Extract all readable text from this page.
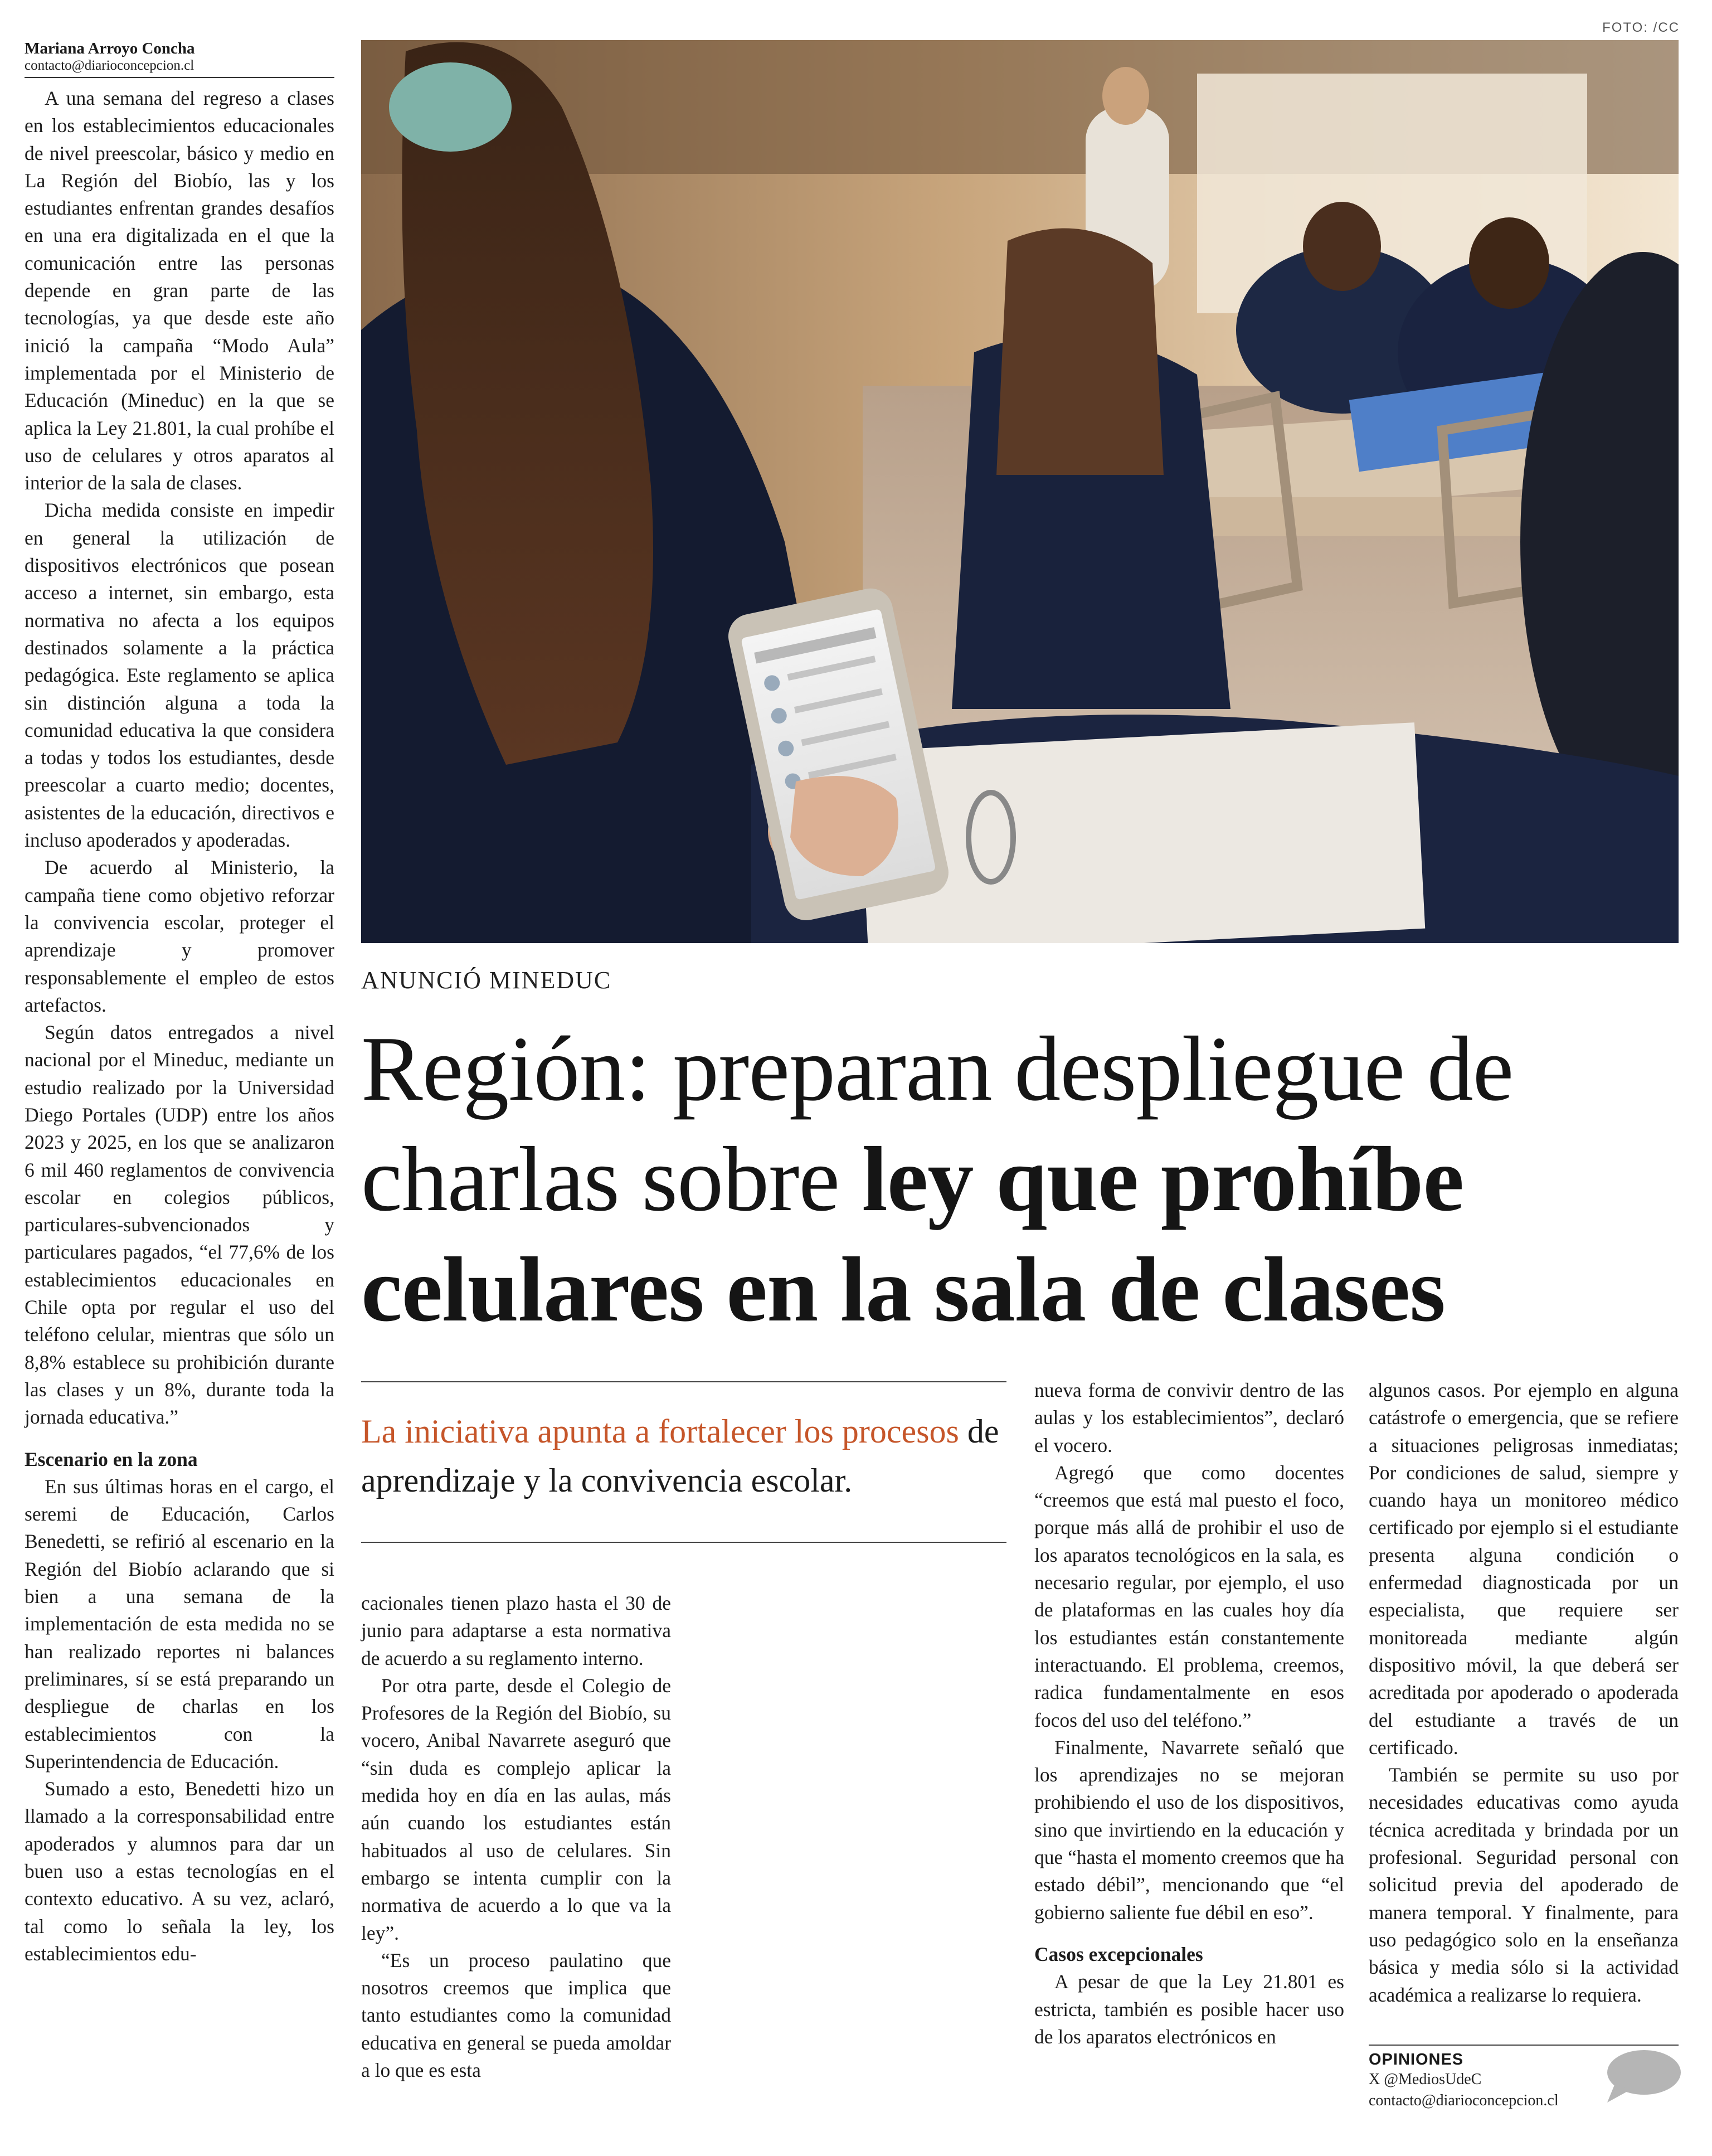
Mariana Arroyo Concha
contacto@diarioconcepcion.cl
FOTO: /CC
ANUNCIÓ MINEDUC
Región: preparan despliegue de charlas sobre ley que prohíbe celulares en la sala de clases
La iniciativa apunta a fortalecer los procesos de aprendizaje y la convivencia escolar.

A una semana del regreso a clases en los establecimientos educacionales de nivel preescolar, básico y medio en La Región del Biobío, las y los estudiantes enfrentan grandes desafíos en una era digitalizada en el que la comunicación entre las personas depende en gran parte de las tecnologías, ya que desde este año inició la campaña “Modo Aula” implementada por el Ministerio de Educación (Mineduc) en la que se aplica la Ley 21.801, la cual prohíbe el uso de celulares y otros aparatos al interior de la sala de clases.

Dicha medida consiste en impedir en general la utilización de dispositivos electrónicos que posean acceso a internet, sin embargo, esta normativa no afecta a los equipos destinados solamente a la práctica pedagógica. Este reglamento se aplica sin distinción alguna a toda la comunidad educativa la que considera a todas y todos los estudiantes, desde preescolar a cuarto medio; docentes, asistentes de la educación, directivos e incluso apoderados y apoderadas.

De acuerdo al Ministerio, la campaña tiene como objetivo reforzar la convivencia escolar, proteger el aprendizaje y promover responsablemente el empleo de estos artefactos.

Según datos entregados a nivel nacional por el Mineduc, mediante un estudio realizado por la Universidad Diego Portales (UDP) entre los años 2023 y 2025, en los que se analizaron 6 mil 460 reglamentos de convivencia escolar en colegios públicos, particulares-subvencionados y particulares pagados, “el 77,6% de los establecimientos educacionales en Chile opta por regular el uso del teléfono celular, mientras que sólo un 8,8% establece su prohibición durante las clases y un 8%, durante toda la jornada educativa.”

Escenario en la zona

En sus últimas horas en el cargo, el seremi de Educación, Carlos Benedetti, se refirió al escenario en la Región del Biobío aclarando que si bien a una semana de la implementación de esta medida no se han realizado reportes ni balances preliminares, sí se está preparando un despliegue de charlas en los establecimientos con la Superintendencia de Educación.

Sumado a esto, Benedetti hizo un llamado a la corresponsabilidad entre apoderados y alumnos para dar un buen uso a estas tecnologías en el contexto educativo. A su vez, aclaró, tal como lo señala la ley, los establecimientos edu-

cacionales tienen plazo hasta el 30 de junio para adaptarse a esta normativa de acuerdo a su reglamento interno.

Por otra parte, desde el Colegio de Profesores de la Región del Biobío, su vocero, Anibal Navarrete aseguró que “sin duda es complejo aplicar la medida hoy en día en las aulas, más aún cuando los estudiantes están habituados al uso de celulares. Sin embargo se intenta cumplir con la normativa de acuerdo a lo que va la ley”.

“Es un proceso paulatino que nosotros creemos que implica que tanto estudiantes como la comunidad educativa en general se pueda amoldar a lo que es esta

nueva forma de convivir dentro de las aulas y los establecimientos”, declaró el vocero.

Agregó que como docentes “creemos que está mal puesto el foco, porque más allá de prohibir el uso de los aparatos tecnológicos en la sala, es necesario regular, por ejemplo, el uso de plataformas en las cuales hoy día los estudiantes están constantemente interactuando. El problema, creemos, radica fundamentalmente en esos focos del uso del teléfono.”

Finalmente, Navarrete señaló que los aprendizajes no se mejoran prohibiendo el uso de los dispositivos, sino que invirtiendo en la educación y que “hasta el momento creemos que ha estado débil”, mencionando que “el gobierno saliente fue débil en eso”.

Casos excepcionales

A pesar de que la Ley 21.801 es estricta, también es posible hacer uso de los aparatos electrónicos en

algunos casos. Por ejemplo en alguna catástrofe o emergencia, que se refiere a situaciones peligrosas inmediatas; Por condiciones de salud, siempre y cuando haya un monitoreo médico certificado por ejemplo si el estudiante presenta alguna condición o enfermedad diagnosticada por un especialista, que requiere ser monitoreada mediante algún dispositivo móvil, la que deberá ser acreditada por apoderado o apoderada del estudiante a través de un certificado.

También se permite su uso por necesidades educativas como ayuda técnica acreditada y brindada por un profesional. Seguridad personal con solicitud previa del apoderado de manera temporal. Y finalmente, para uso pedagógico solo en la enseñanza básica y media sólo si la actividad académica a realizarse lo requiera.

OPINIONES
X @MediosUdeC
contacto@diarioconcepcion.cl
